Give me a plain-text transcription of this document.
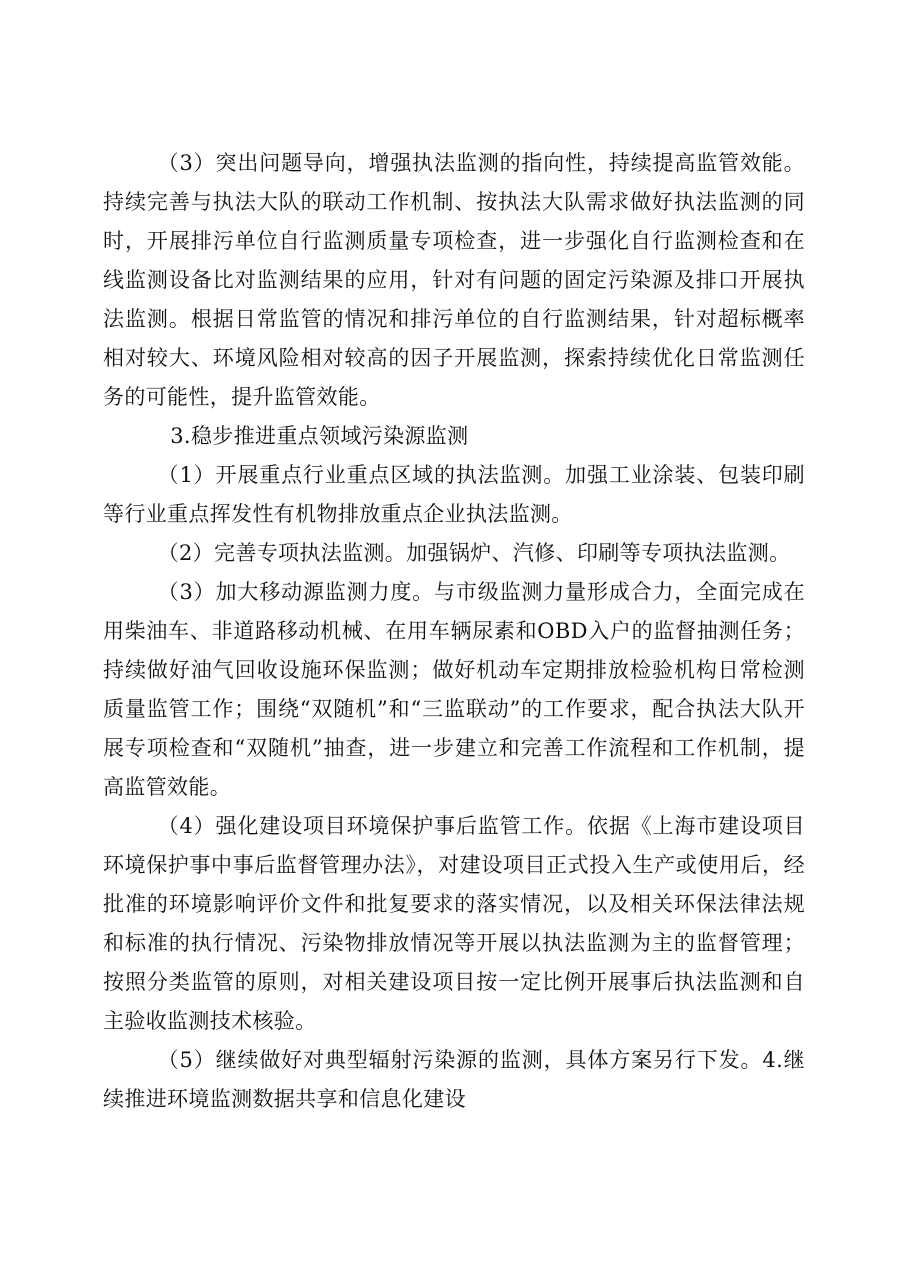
（3）突出问题导向，增强执法监测的指向性，持续提高监管效能。持续完善与执法大队的联动工作机制、按执法大队需求做好执法监测的同时，开展排污单位自行监测质量专项检查，进一步强化自行监测检查和在线监测设备比对监测结果的应用，针对有问题的固定污染源及排口开展执法监测。根据日常监管的情况和排污单位的自行监测结果，针对超标概率相对较大、环境风险相对较高的因子开展监测，探索持续优化日常监测任务的可能性，提升监管效能。

3.稳步推进重点领域污染源监测

（1）开展重点行业重点区域的执法监测。加强工业涂装、包装印刷等行业重点挥发性有机物排放重点企业执法监测。

（2）完善专项执法监测。加强锅炉、汽修、印刷等专项执法监测。

（3）加大移动源监测力度。与市级监测力量形成合力，全面完成在用柴油车、非道路移动机械、在用车辆尿素和OBD入户的监督抽测任务；持续做好油气回收设施环保监测；做好机动车定期排放检验机构日常检测质量监管工作；围绕“双随机”和“三监联动”的工作要求，配合执法大队开展专项检查和“双随机”抽查，进一步建立和完善工作流程和工作机制，提高监管效能。

（4）强化建设项目环境保护事后监管工作。依据《上海市建设项目环境保护事中事后监督管理办法》，对建设项目正式投入生产或使用后，经批准的环境影响评价文件和批复要求的落实情况，以及相关环保法律法规和标准的执行情况、污染物排放情况等开展以执法监测为主的监督管理；按照分类监管的原则，对相关建设项目按一定比例开展事后执法监测和自主验收监测技术核验。

（5）继续做好对典型辐射污染源的监测，具体方案另行下发。4.继续推进环境监测数据共享和信息化建设
